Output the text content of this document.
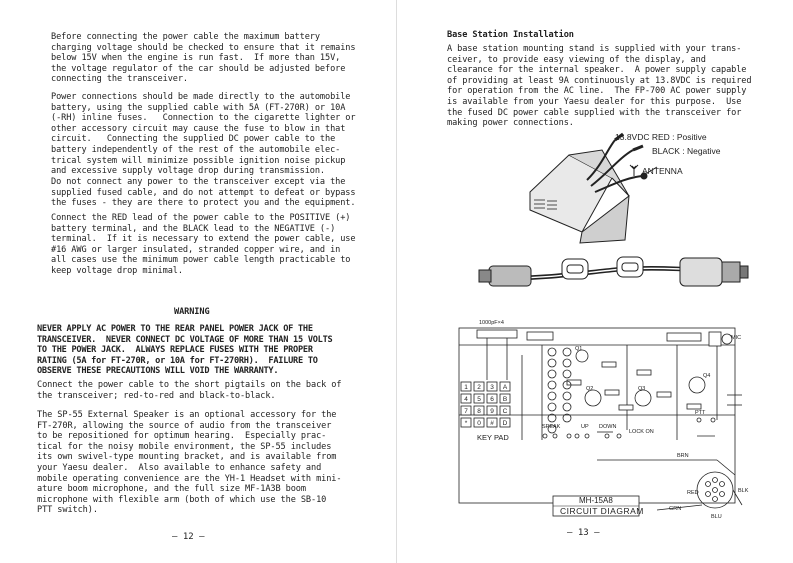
Before connecting the power cable the maximum battery
charging voltage should be checked to ensure that it remains
below 15V when the engine is run fast.  If more than 15V,
the voltage regulator of the car should be adjusted before
connecting the transceiver.
Power connections should be made directly to the automobile
battery, using the supplied cable with 5A (FT-270R) or 10A
(-RH) inline fuses.   Connection to the cigarette lighter or
other accessory circuit may cause the fuse to blow in that
circuit.   Connecting the supplied DC power cable to the
battery independently of the rest of the automobile elec-
trical system will minimize possible ignition noise pickup
and excessive supply voltage drop during transmission.
Do not connect any power to the transceiver except via the
supplied fused cable, and do not attempt to defeat or bypass
the fuses - they are there to protect you and the equipment.
Connect the RED lead of the power cable to the POSITIVE (+)
battery terminal, and the BLACK lead to the NEGATIVE (-)
terminal.  If it is necessary to extend the power cable, use
#16 AWG or larger insulated, stranded copper wire, and in
all cases use the minimum power cable length practicable to
keep voltage drop minimal.
WARNING
NEVER APPLY AC POWER TO THE REAR PANEL POWER JACK OF THE
TRANSCEIVER.  NEVER CONNECT DC VOLTAGE OF MORE THAN 15 VOLTS
TO THE POWER JACK.  ALWAYS REPLACE FUSES WITH THE PROPER
RATING (5A for FT-270R, or 10A for FT-270RH).  FAILURE TO
OBSERVE THESE PRECAUTIONS WILL VOID THE WARRANTY.
Connect the power cable to the short pigtails on the back of
the transceiver; red-to-red and black-to-black.
The SP-55 External Speaker is an optional accessory for the
FT-270R, allowing the source of audio from the transceiver
to be repositioned for optimum hearing.  Especially prac-
tical for the noisy mobile environment, the SP-55 includes
its own swivel-type mounting bracket, and is available from
your Yaesu dealer.  Also available to enhance safety and
mobile operating convenience are the YH-1 Headset with mini-
ature boom microphone, and the full size MF-1A3B boom
microphone with flexible arm (both of which use the SB-10
PTT switch).
— 12 —
Base Station Installation
A base station mounting stand is supplied with your trans-
ceiver, to provide easy viewing of the display, and
clearance for the internal speaker.  A power supply capable
of providing at least 9A continuously at 13.8VDC is required
for operation from the AC line.  The FP-700 AC power supply
is available from your Yaesu dealer for this purpose.  Use
the fused DC power cable supplied with the transceiver for
making power connections.
13.8VDC RED : Positive
BLACK : Negative
ANTENNA
1 2 3 A
4 5 6 B
7 8 9 C
* 0 # D
KEY PAD
MH-15A8
CIRCUIT DIAGRAM
1000pF×4
SPEAK	UP DOWN
LOCK ON
PTT
BRN
GRN
BLU
BLK
RED
MIC
Q1
Q2	Q3
Q4
— 13 —
